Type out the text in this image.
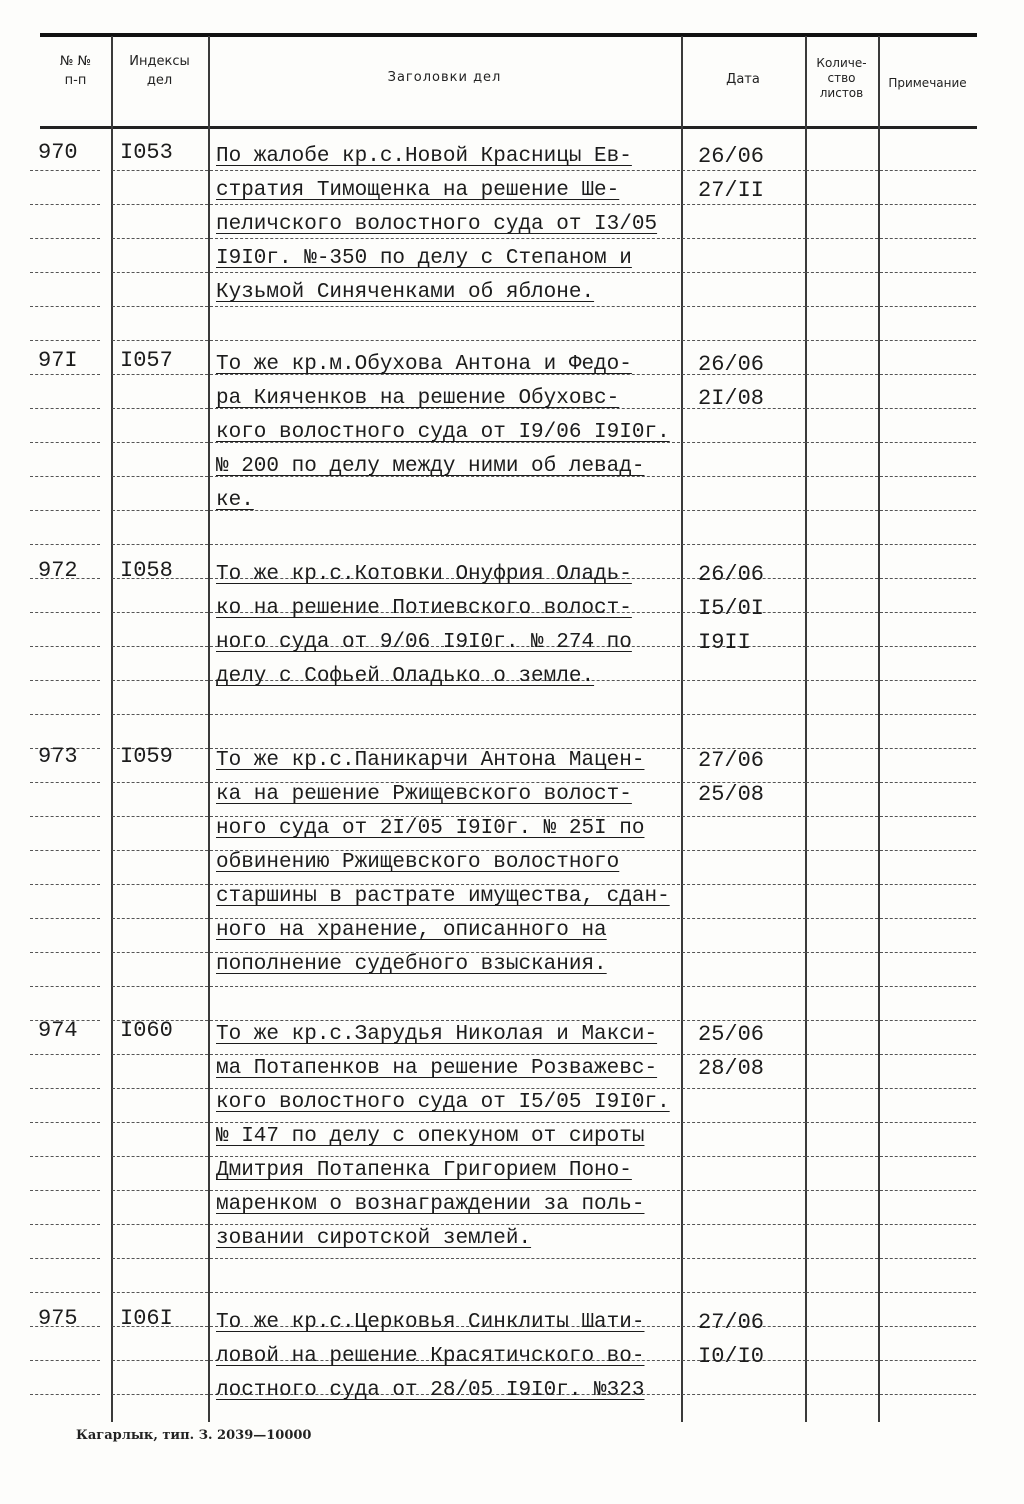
№ №
п-п
Индексы
дел	Заголовки дел	Дата
Количе-
ство
листов
Примечание
970 I053 По жалобе кр.с.Новой Красницы Ев-
стратия Тимощенка на решение Ше-
пеличского волостного суда от I3/05
I9I0г. №-350 по делу с Степаном и
Кузьмой Синяченками об яблоне.
26/06
27/II
97I I057 То же кр.м.Обухова Антона и Федо-
ра Кияченков на решение Обуховс-
кого волостного суда от I9/06 I9I0г.
№ 200 по делу между ними об левад-
ке.
26/06
2I/08
972 I058 То же кр.с.Котовки Онуфрия Оладь-
ко на решение Потиевского волост-
ного суда от 9/06 I9I0г. № 274 по
делу с Софьей Оладько о земле.
26/06
I5/0I
I9II
973 I059 То же кр.с.Паникарчи Антона Мацен-
ка на решение Ржищевского волост-
ного суда от 2I/05 I9I0г. № 25I по
обвинению Ржищевского волостного
старшины в растрате имущества, сдан-
ного на хранение, описанного на
пополнение судебного взыскания.
27/06
25/08
974 I060 То же кр.с.Зарудья Николая и Макси-
ма Потапенков на решение Розважевс-
кого волостного суда от I5/05 I9I0г.
№ I47 по делу с опекуном от сироты
Дмитрия Потапенка Григорием Поно-
маренком о вознаграждении за поль-
зовании сиротской землей.
25/06
28/08
975 I06I То же кр.с.Церковья Синклиты Шати-
ловой на решение Красятичского во-
лостного суда от 28/05 I9I0г. №323
27/06
I0/I0
Кагарлык, тип. З. 2039—10000
